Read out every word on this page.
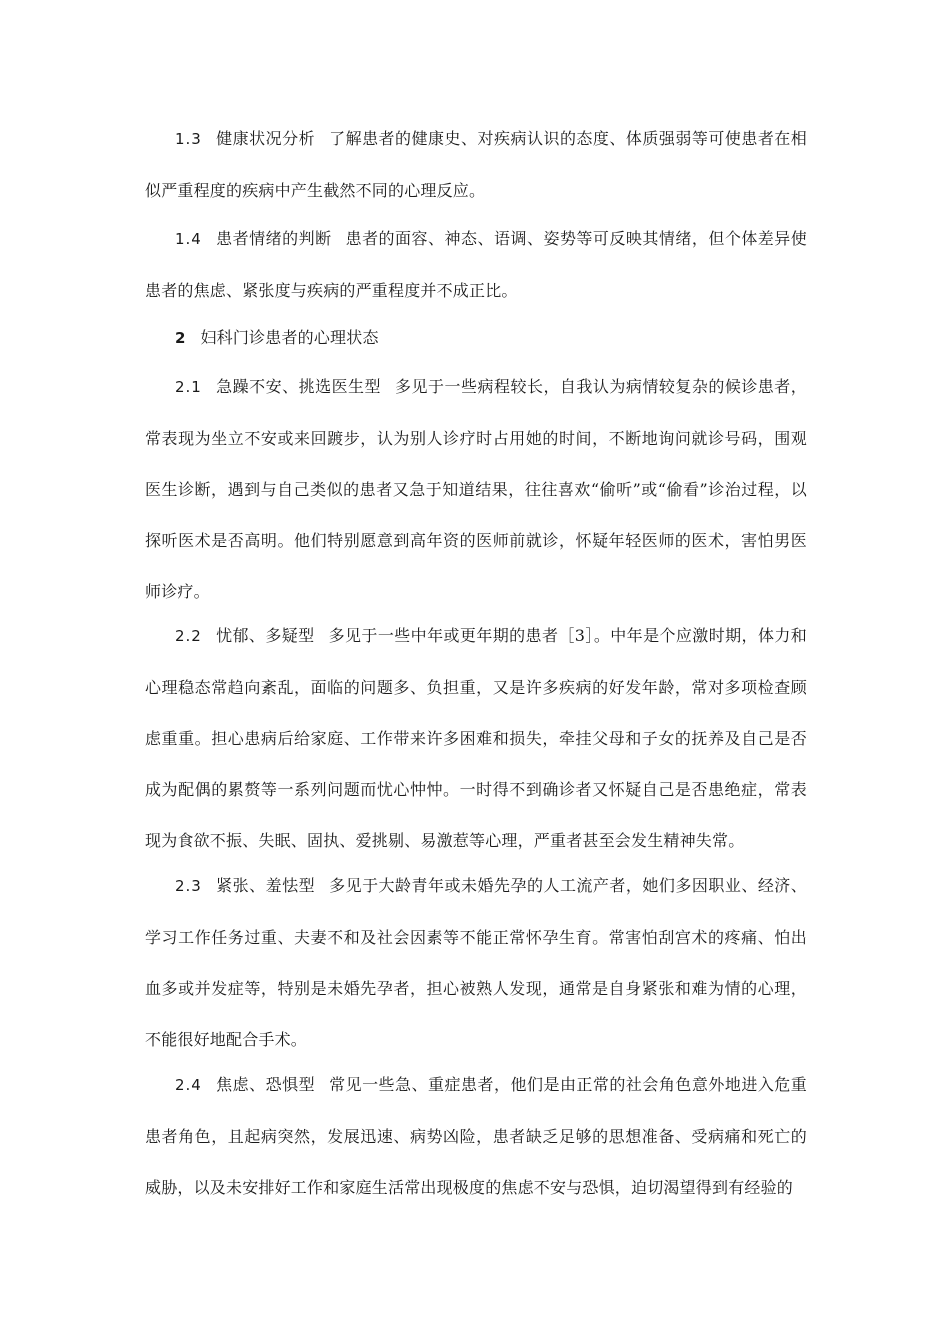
1.3 健康状况分析 了解患者的健康史、对疾病认识的态度、体质强弱等可使患者在相似严重程度的疾病中产生截然不同的心理反应。

1.4 患者情绪的判断 患者的面容、神态、语调、姿势等可反映其情绪，但个体差异使患者的焦虑、紧张度与疾病的严重程度并不成正比。

2 妇科门诊患者的心理状态

2.1 急躁不安、挑选医生型 多见于一些病程较长，自我认为病情较复杂的候诊患者，常表现为坐立不安或来回踱步，认为别人诊疗时占用她的时间，不断地询问就诊号码，围观医生诊断，遇到与自己类似的患者又急于知道结果，往往喜欢“偷听”或“偷看”诊治过程，以探听医术是否高明。他们特别愿意到高年资的医师前就诊，怀疑年轻医师的医术，害怕男医师诊疗。

2.2 忧郁、多疑型 多见于一些中年或更年期的患者［3］。中年是个应激时期，体力和心理稳态常趋向紊乱，面临的问题多、负担重，又是许多疾病的好发年龄，常对多项检查顾虑重重。担心患病后给家庭、工作带来许多困难和损失，牵挂父母和子女的抚养及自己是否成为配偶的累赘等一系列问题而忧心忡忡。一时得不到确诊者又怀疑自己是否患绝症，常表现为食欲不振、失眠、固执、爱挑剔、易激惹等心理，严重者甚至会发生精神失常。

2.3 紧张、羞怯型 多见于大龄青年或未婚先孕的人工流产者，她们多因职业、经济、学习工作任务过重、夫妻不和及社会因素等不能正常怀孕生育。常害怕刮宫术的疼痛、怕出血多或并发症等，特别是未婚先孕者，担心被熟人发现，通常是自身紧张和难为情的心理，不能很好地配合手术。

2.4 焦虑、恐惧型 常见一些急、重症患者，他们是由正常的社会角色意外地进入危重患者角色，且起病突然，发展迅速、病势凶险，患者缺乏足够的思想准备、受病痛和死亡的威胁，以及未安排好工作和家庭生活常出现极度的焦虑不安与恐惧，迫切渴望得到有经验的
